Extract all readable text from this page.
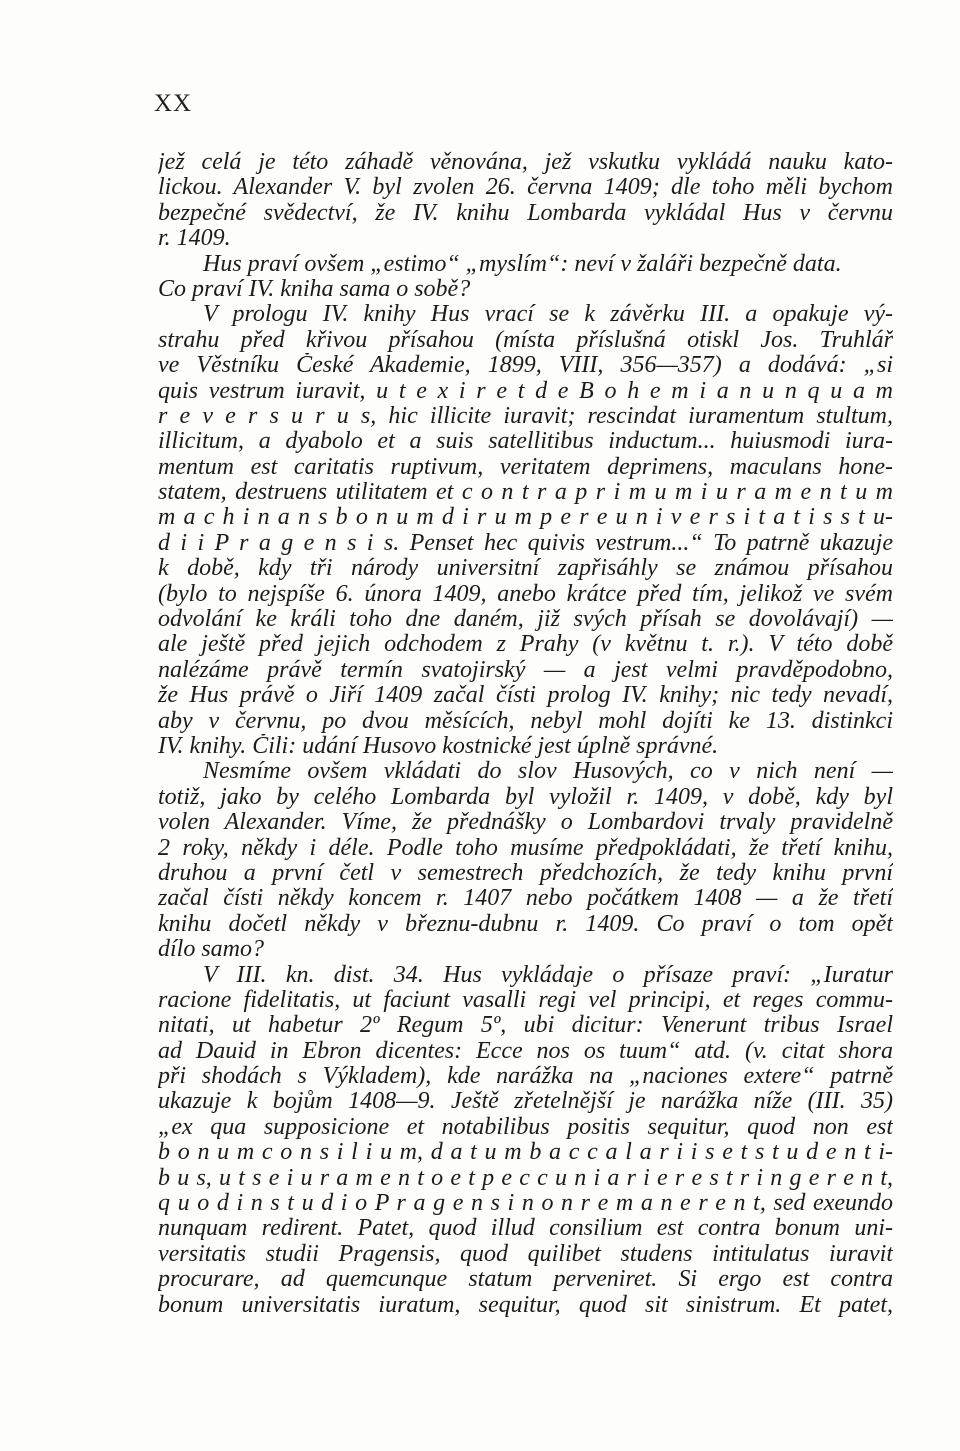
XX
jež celá je této záhadě věnována, jež vskutku vykládá nauku kato-
lickou. Alexander V. byl zvolen 26. června 1409; dle toho měli bychom
bezpečné svědectví, že IV. knihu Lombarda vykládal Hus v červnu
r. 1409.
Hus praví ovšem „estimo“ „myslím“: neví v žaláři bezpečně data.
Co praví IV. kniha sama o sobě?
V prologu IV. knihy Hus vrací se k závěrku III. a opakuje vý-
strahu před křivou přísahou (místa příslušná otiskl Jos. Truhlář
ve Věstníku České Akademie, 1899, VIII, 356—357) a dodává: „si
quis vestrum iuravit, u t e x i r e t d e B o h e m i a n u n q u a m
r e v e r s u r u s, hic illicite iuravit; rescindat iuramentum stultum,
illicitum, a dyabolo et a suis satellitibus inductum... huiusmodi iura-
mentum est caritatis ruptivum, veritatem deprimens, maculans hone-
statem, destruens utilitatem et c o n t r a p r i m u m i u r a m e n t u m
m a c h i n a n s b o n u m d i r u m p e r e u n i v e r s i t a t i s s t u-
d i i P r a g e n s i s. Penset hec quivis vestrum...“ To patrně ukazuje
k době, kdy tři národy universitní zapřisáhly se známou přísahou
(bylo to nejspíše 6. února 1409, anebo krátce před tím, jelikož ve svém
odvolání ke králi toho dne daném, již svých přísah se dovolávají) —
ale ještě před jejich odchodem z Prahy (v květnu t. r.). V této době
nalézáme právě termín svatojirský — a jest velmi pravděpodobno,
že Hus právě o Jiří 1409 začal čísti prolog IV. knihy; nic tedy nevadí,
aby v červnu, po dvou měsících, nebyl mohl dojíti ke 13. distinkci
IV. knihy. Čili: udání Husovo kostnické jest úplně správné.
Nesmíme ovšem vkládati do slov Husových, co v nich není —
totiž, jako by celého Lombarda byl vyložil r. 1409, v době, kdy byl
volen Alexander. Víme, že přednášky o Lombardovi trvaly pravidelně
2 roky, někdy i déle. Podle toho musíme předpokládati, že třetí knihu,
druhou a první četl v semestrech předchozích, že tedy knihu první
začal čísti někdy koncem r. 1407 nebo počátkem 1408 — a že třetí
knihu dočetl někdy v březnu-dubnu r. 1409. Co praví o tom opět
dílo samo?
V III. kn. dist. 34. Hus vykládaje o přísaze praví: „Iuratur
racione fidelitatis, ut faciunt vasalli regi vel principi, et reges commu-
nitati, ut habetur 2º Regum 5º, ubi dicitur: Venerunt tribus Israel
ad Dauid in Ebron dicentes: Ecce nos os tuum“ atd. (v. citat shora
při shodách s Výkladem), kde narážka na „naciones extere“ patrně
ukazuje k bojům 1408—9. Ještě zřetelnější je narážka níže (III. 35)
„ex qua supposicione et notabilibus positis sequitur, quod non est
b o n u m c o n s i l i u m, d a t u m b a c c a l a r i i s e t s t u d e n t i-
b u s, u t s e i u r a m e n t o e t p e c c u n i a r i e r e s t r i n g e r e n t,
q u o d i n s t u d i o P r a g e n s i n o n r e m a n e r e n t, sed exeundo
nunquam redirent. Patet, quod illud consilium est contra bonum uni-
versitatis studii Pragensis, quod quilibet studens intitulatus iuravit
procurare, ad quemcunque statum perveniret. Si ergo est contra
bonum universitatis iuratum, sequitur, quod sit sinistrum. Et patet,
